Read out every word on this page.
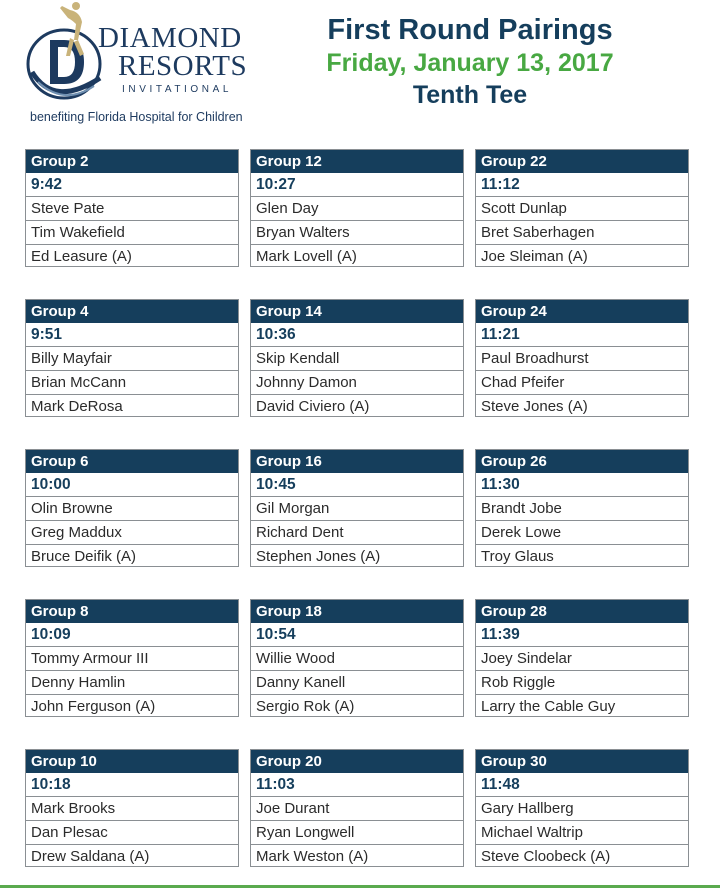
DIAMOND
RESORTS
INVITATIONAL
benefiting Florida Hospital for Children
First Round Pairings
Friday, January 13, 2017
Tenth Tee
Group 2
9:42
Steve Pate
Tim Wakefield
Ed Leasure (A)
Group 12
10:27
Glen Day
Bryan Walters
Mark Lovell (A)
Group 22
11:12
Scott Dunlap
Bret Saberhagen
Joe Sleiman (A)
Group 4
9:51
Billy Mayfair
Brian McCann
Mark DeRosa
Group 14
10:36
Skip Kendall
Johnny Damon
David Civiero (A)
Group 24
11:21
Paul Broadhurst
Chad Pfeifer
Steve Jones (A)
Group 6
10:00
Olin Browne
Greg Maddux
Bruce Deifik (A)
Group 16
10:45
Gil Morgan
Richard Dent
Stephen Jones (A)
Group 26
11:30
Brandt Jobe
Derek Lowe
Troy Glaus
Group 8
10:09
Tommy Armour III
Denny Hamlin
John Ferguson (A)
Group 18
10:54
Willie Wood
Danny Kanell
Sergio Rok (A)
Group 28
11:39
Joey Sindelar
Rob Riggle
Larry the Cable Guy
Group 10
10:18
Mark Brooks
Dan Plesac
Drew Saldana (A)
Group 20
11:03
Joe Durant
Ryan Longwell
Mark Weston (A)
Group 30
11:48
Gary Hallberg
Michael Waltrip
Steve Cloobeck (A)
